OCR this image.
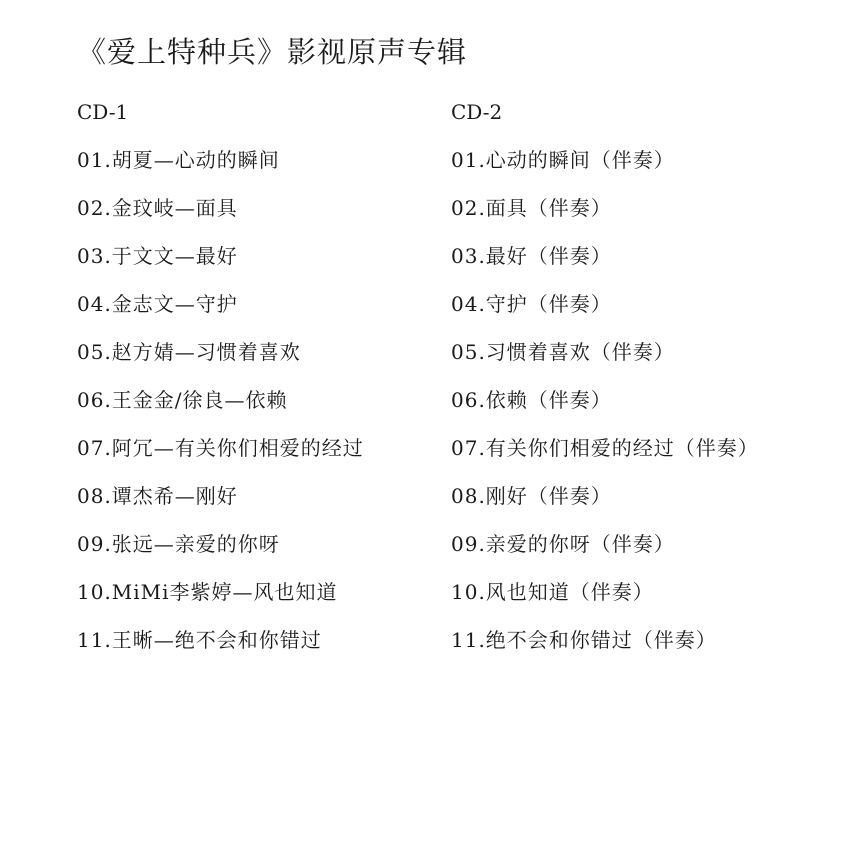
《爱上特种兵》影视原声专辑
CD-1
01.胡夏—心动的瞬间
02.金玟岐—面具
03.于文文—最好
04.金志文—守护
05.赵方婧—习惯着喜欢
06.王金金/徐良—依赖
07.阿冗—有关你们相爱的经过
08.谭杰希—刚好
09.张远—亲爱的你呀
10.MiMi李紫婷—风也知道
11.王晰—绝不会和你错过
CD-2
01.心动的瞬间（伴奏）
02.面具（伴奏）
03.最好（伴奏）
04.守护（伴奏）
05.习惯着喜欢（伴奏）
06.依赖（伴奏）
07.有关你们相爱的经过（伴奏）
08.刚好（伴奏）
09.亲爱的你呀（伴奏）
10.风也知道（伴奏）
11.绝不会和你错过（伴奏）
